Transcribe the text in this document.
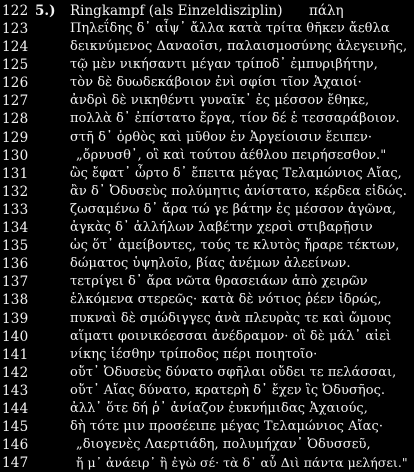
122 5.) Ringkampf (als Einzeldisziplin) πάλη
123	Πηλεΐδης δ᾽ αἶψ᾽ ἄλλα κατὰ τρίτα θῆκεν ἄεθλα
124	δεικνύμενος Δαναοῖσι, παλαισμοσύνης ἀλεγεινῆς,
125	τῷ μὲν νικήσαντι μέγαν τρίποδ᾽ ἐμπυριβήτην,
126	τὸν δὲ δυωδεκάβοιον ἐνὶ σφίσι τῖον Ἀχαιοί·
127	ἀνδρὶ δὲ νικηθέντι γυναῖκ᾽ ἐς μέσσον ἔθηκε,
128	πολλὰ δ᾽ ἐπίστατο ἔργα, τίον δέ ἑ τεσσαράβοιον.
129	στῆ δ᾽ ὀρθὸς καὶ μῦθον ἐν Ἀργείοισιν ἔειπεν·
130	„ὄρνυσθ᾽, οἳ καὶ τούτου ἀέθλου πειρήσεσθον."
131	ὣς ἔφατ᾽ ὦρτο δ᾽ ἔπειτα μέγας Τελαμώνιος Αἴας,
132	ἂν δ᾽ Ὀδυσεὺς πολύμητις ἀνίστατο, κέρδεα εἰδώς.
133	ζωσαμένω δ᾽ ἄρα τώ γε βάτην ἐς μέσσον ἀγῶνα,
134	ἀγκὰς δ᾽ ἀλλήλων λαβέτην χερσὶ στιβαρῇσιν
135	ὡς ὅτ᾽ ἀμείβοντες, τούς τε κλυτὸς ἤραρε τέκτων,
136	δώματος ὑψηλοῖο, βίας ἀνέμων ἀλεείνων.
137	τετρίγει δ᾽ ἄρα νῶτα θρασειάων ἀπὸ χειρῶν
138	ἑλκόμενα στερεῶς· κατὰ δὲ νότιος ῥέεν ἱδρώς,
139	πυκναὶ δὲ σμώδιγγες ἀνὰ πλευρὰς τε καὶ ὤμους
140	αἵματι φοινικόεσσαι ἀνέδραμον· οἳ δὲ μάλ᾽ αἰεὶ
141	νίκης ἱέσθην τρίποδος πέρι ποιητοῖο·
142	οὔτ᾽ Ὀδυσεὺς δύνατο σφῆλαι οὔδει τε πελάσσαι,
143	οὔτ᾽ Αἴας δύνατο, κρατερὴ δ᾽ ἔχεν ἲς Ὀδυσῆος.
144	ἀλλ᾽ ὅτε δή ῥ᾽ ἀνίαζον ἐυκνήμιδας Ἀχαιούς,
145	δὴ τότε μιν προσέειπε μέγας Τελαμώνιος Αἴας·
146	„διογενὲς Λαερτιάδη, πολυμήχαν᾽ Ὀδυσσεῦ,
147	ἤ μ᾽ ἀνάειρ᾽ ἢ ἐγὼ σέ· τὰ δ᾽ αὖ Διὶ πάντα μελήσει."
